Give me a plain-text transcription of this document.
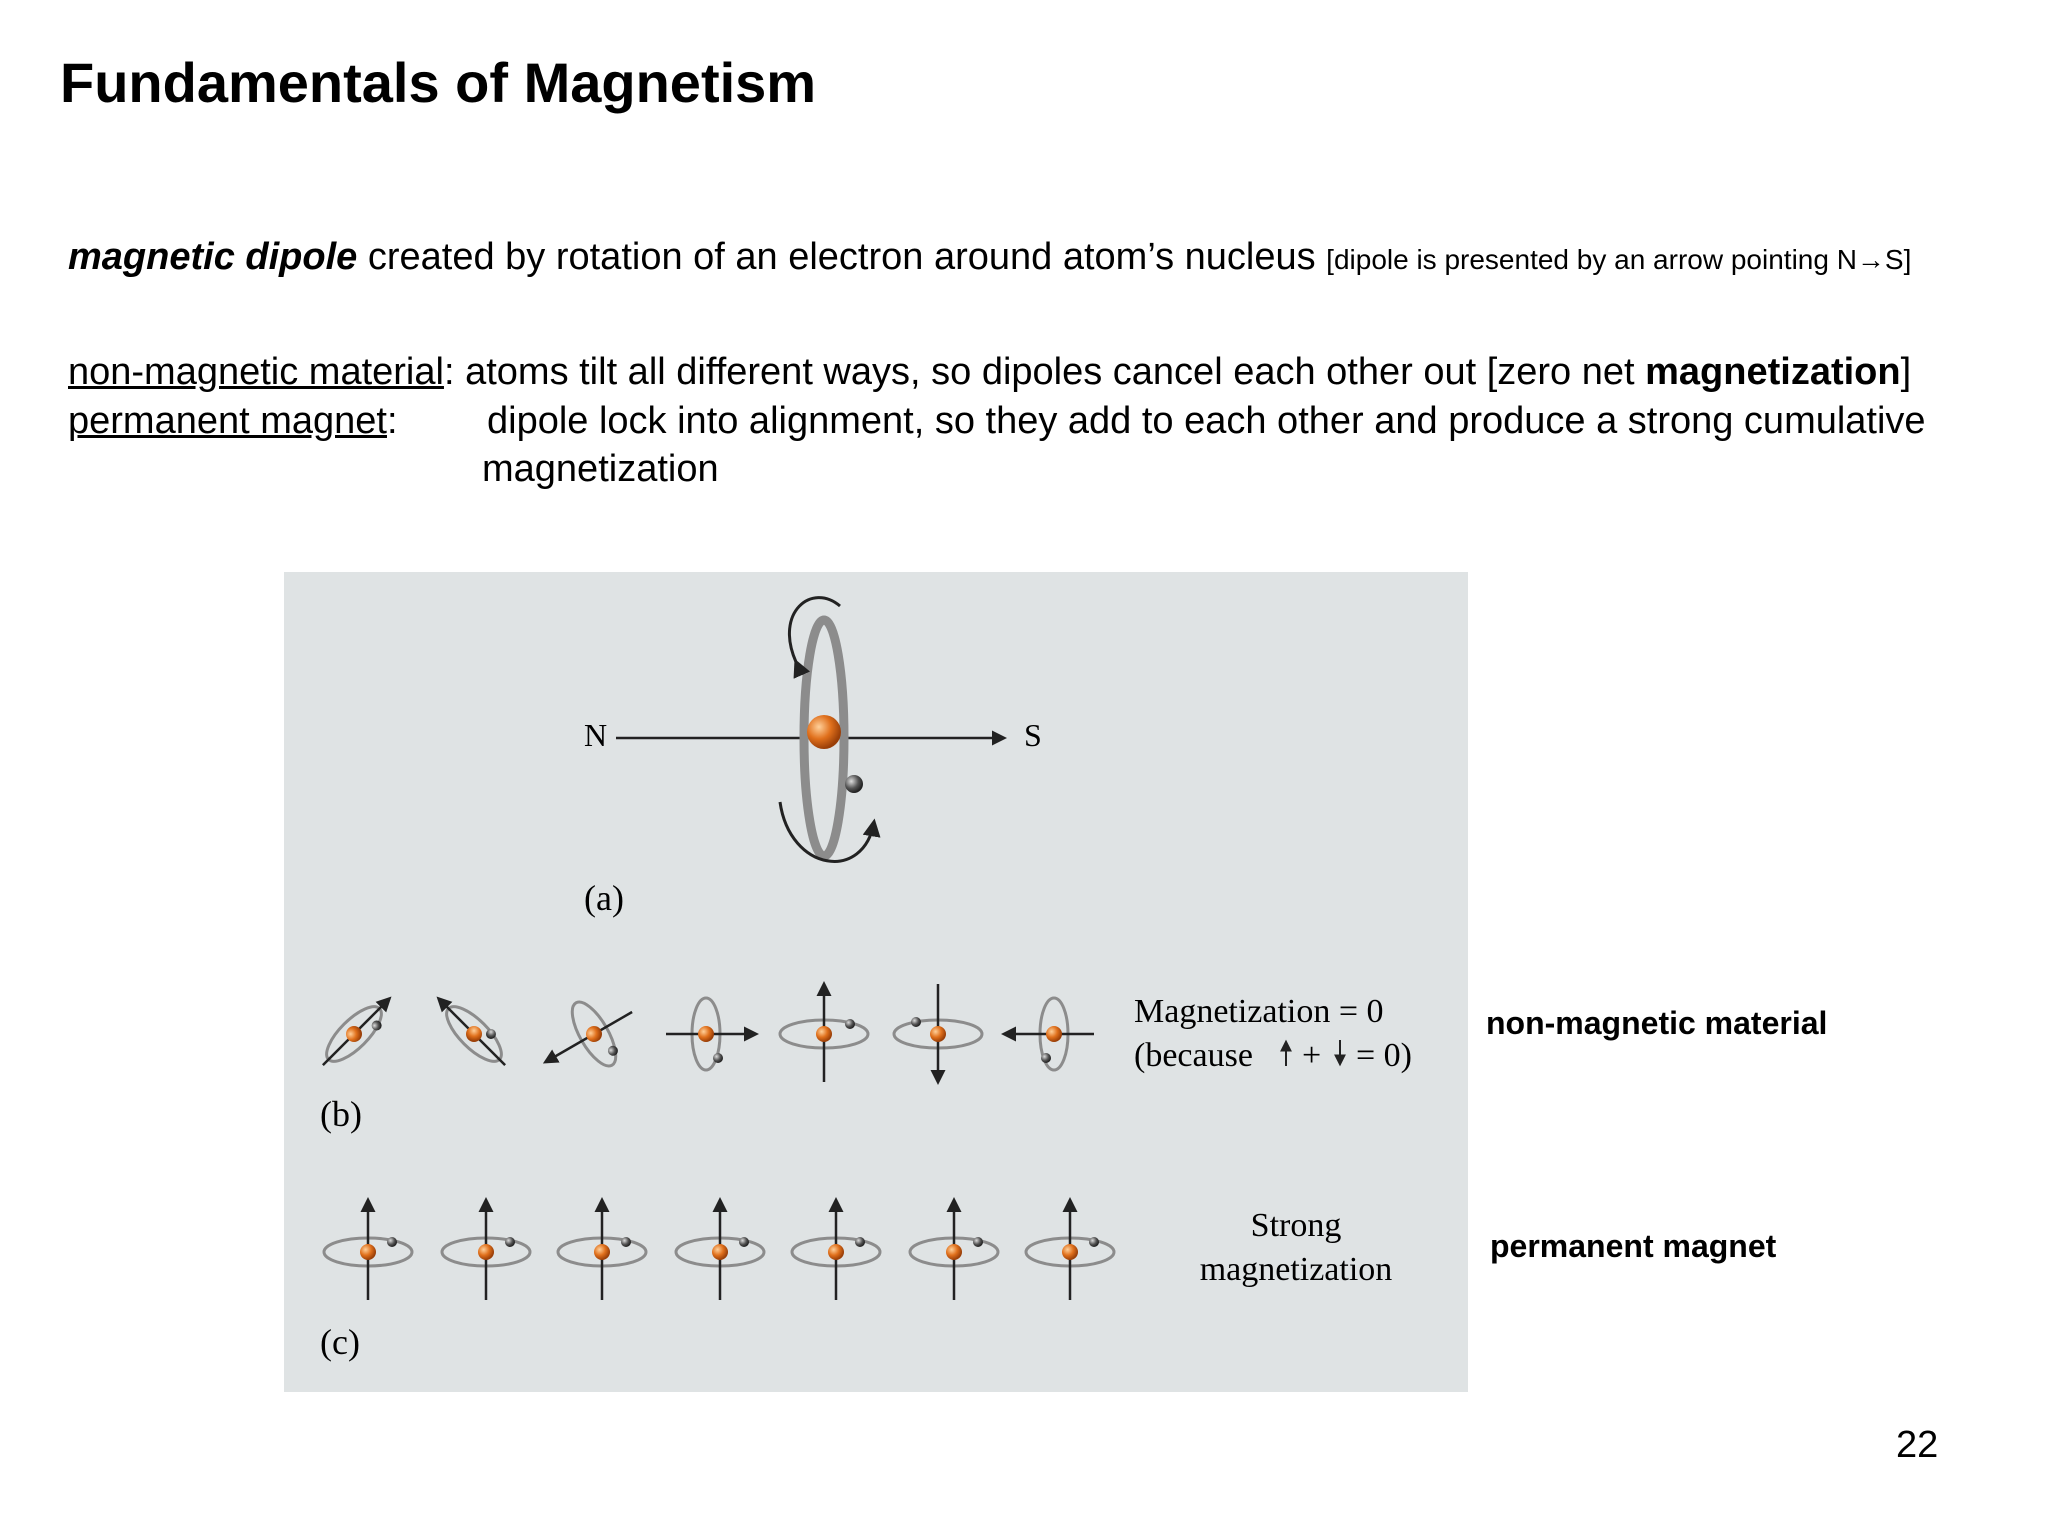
Fundamentals of Magnetism
magnetic dipole created by rotation of an electron around atom’s nucleus [dipole is presented by an arrow pointing N→S]
non-magnetic material: atoms tilt all different ways, so dipoles cancel each other out [zero net magnetization]
permanent magnet: dipole lock into alignment, so they add to each other and produce a strong cumulative
magnetization
N	S
(a)
Magnetization = 0
(because + = 0)
(b)
Strong
magnetization
(c)
non-magnetic material
permanent magnet
22
